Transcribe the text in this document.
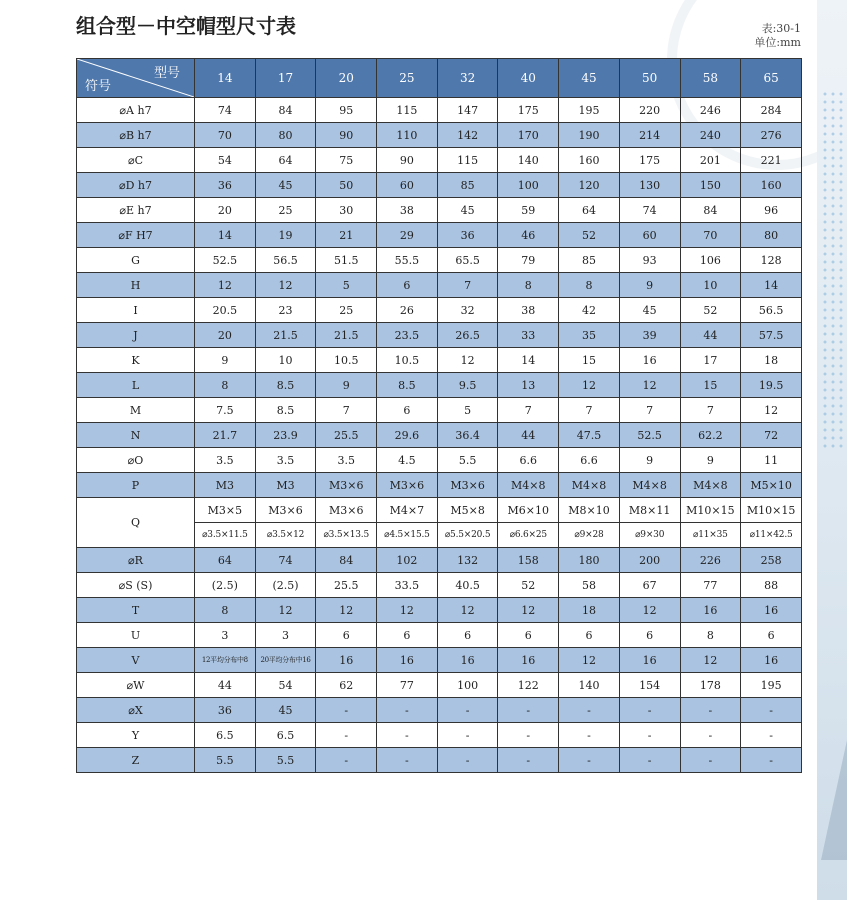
组合型－中空帽型尺寸表	表:30-1
单位:mm
型号
符号	14	17	20	25	32	40	45	50	58	65
⌀A h7	74	84	95	115	147	175	195	220	246	284
⌀B h7	70	80	90	110	142	170	190	214	240	276
⌀C	54	64	75	90	115	140	160	175	201	221
⌀D h7	36	45	50	60	85	100	120	130	150	160
⌀E h7	20	25	30	38	45	59	64	74	84	96
⌀F H7	14	19	21	29	36	46	52	60	70	80
G	52.5	56.5	51.5	55.5	65.5	79	85	93	106	128
H	12	12	5	6	7	8	8	9	10	14
I	20.5	23	25	26	32	38	42	45	52	56.5
J	20	21.5	21.5	23.5	26.5	33	35	39	44	57.5
K	9	10	10.5	10.5	12	14	15	16	17	18
L	8	8.5	9	8.5	9.5	13	12	12	15	19.5
M	7.5	8.5	7	6	5	7	7	7	7	12
N	21.7	23.9	25.5	29.6	36.4	44	47.5	52.5	62.2	72
⌀O	3.5	3.5	3.5	4.5	5.5	6.6	6.6	9	9	11
P	M3	M3	M3×6	M3×6	M3×6	M4×8	M4×8	M4×8	M4×8	M5×10
Q	M3×5	M3×6	M3×6	M4×7	M5×8	M6×10	M8×10	M8×11	M10×15	M10×15
	⌀3.5×11.5	⌀3.5×12	⌀3.5×13.5	⌀4.5×15.5	⌀5.5×20.5	⌀6.6×25	⌀9×28	⌀9×30	⌀11×35	⌀11×42.5
⌀R	64	74	84	102	132	158	180	200	226	258
⌀S (S)	(2.5)	(2.5)	25.5	33.5	40.5	52	58	67	77	88
T	8	12	12	12	12	12	18	12	16	16
U	3	3	6	6	6	6	6	6	8	6
V	12平均分布中8	20平均分布中16	16	16	16	16	12	16	12	16
⌀W	44	54	62	77	100	122	140	154	178	195
⌀X	36	45	-	-	-	-	-	-	-	-
Y	6.5	6.5	-	-	-	-	-	-	-	-
Z	5.5	5.5	-	-	-	-	-	-	-	-
